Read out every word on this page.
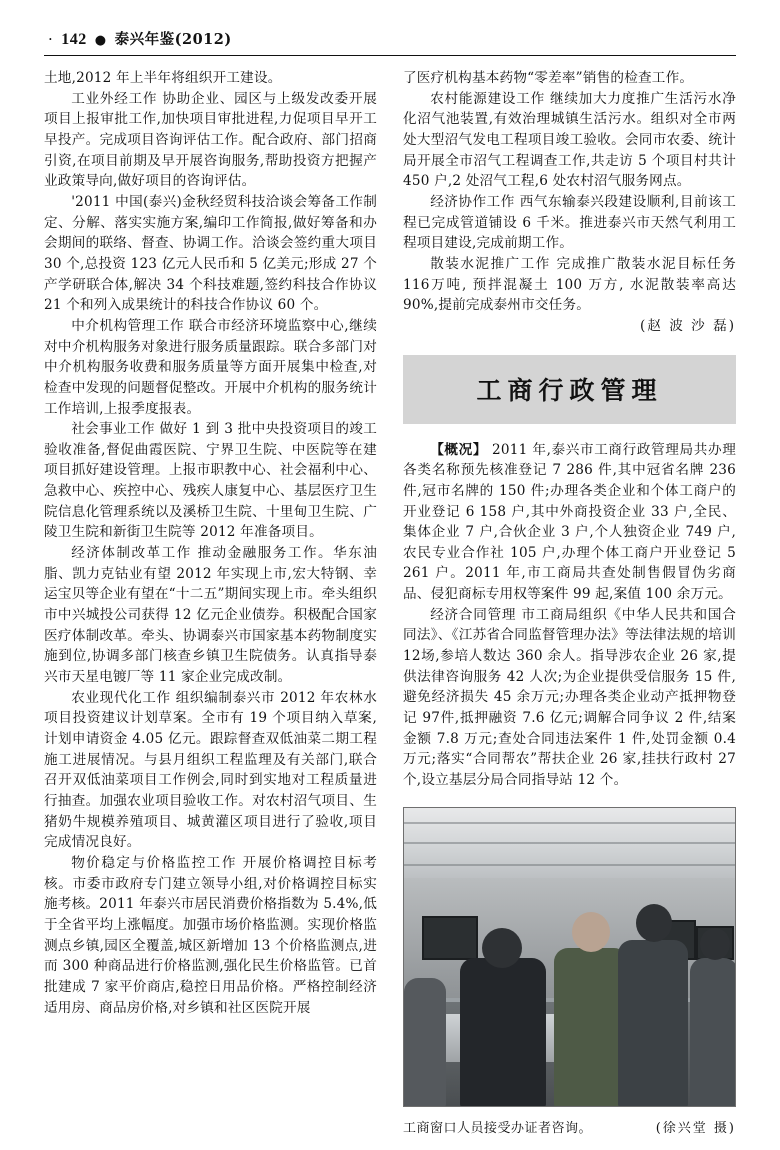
· 142 ● 泰兴年鉴(2012)

土地,2012 年上半年将组织开工建设。

工业外经工作 协助企业、园区与上级发改委开展项目上报审批工作,加快项目审批进程,力促项目早开工早投产。完成项目咨询评估工作。配合政府、部门招商引资,在项目前期及早开展咨询服务,帮助投资方把握产业政策导向,做好项目的咨询评估。

'2011 中国(泰兴)金秋经贸科技洽谈会筹备工作制定、分解、落实实施方案,编印工作简报,做好筹备和办会期间的联络、督查、协调工作。洽谈会签约重大项目 30 个,总投资 123 亿元人民币和 5 亿美元;形成 27 个产学研联合体,解决 34 个科技难题,签约科技合作协议 21 个和列入成果统计的科技合作协议 60 个。

中介机构管理工作 联合市经济环境监察中心,继续对中介机构服务对象进行服务质量跟踪。联合多部门对中介机构服务收费和服务质量等方面开展集中检查,对检查中发现的问题督促整改。开展中介机构的服务统计工作培训,上报季度报表。

社会事业工作 做好 1 到 3 批中央投资项目的竣工验收准备,督促曲霞医院、宁界卫生院、中医院等在建项目抓好建设管理。上报市职教中心、社会福利中心、急救中心、疾控中心、残疾人康复中心、基层医疗卫生院信息化管理系统以及溪桥卫生院、十里甸卫生院、广陵卫生院和新街卫生院等 2012 年准备项目。

经济体制改革工作 推动金融服务工作。华东油脂、凯力克钴业有望 2012 年实现上市,宏大特钢、幸运宝贝等企业有望在“十二五”期间实现上市。牵头组织市中兴城投公司获得 12 亿元企业债券。积极配合国家医疗体制改革。牵头、协调泰兴市国家基本药物制度实施到位,协调多部门核查乡镇卫生院债务。认真指导泰兴市天星电镀厂等 11 家企业完成改制。

农业现代化工作 组织编制泰兴市 2012 年农林水项目投资建议计划草案。全市有 19 个项目纳入草案,计划申请资金 4.05 亿元。跟踪督查双低油菜二期工程施工进展情况。与县月组织工程监理及有关部门,联合召开双低油菜项目工作例会,同时到实地对工程质量进行抽查。加强农业项目验收工作。对农村沼气项目、生猪奶牛规模养殖项目、城黄灌区项目进行了验收,项目完成情况良好。

物价稳定与价格监控工作 开展价格调控目标考核。市委市政府专门建立领导小组,对价格调控目标实施考核。2011 年泰兴市居民消费价格指数为 5.4%,低于全省平均上涨幅度。加强市场价格监测。实现价格监测点乡镇,园区全覆盖,城区新增加 13 个价格监测点,进而 300 种商品进行价格监测,强化民生价格监管。已首批建成 7 家平价商店,稳控日用品价格。严格控制经济适用房、商品房价格,对乡镇和社区医院开展

了医疗机构基本药物“零差率”销售的检查工作。

农村能源建设工作 继续加大力度推广生活污水净化沼气池装置,有效治理城镇生活污水。组织对全市两处大型沼气发电工程项目竣工验收。会同市农委、统计局开展全市沼气工程调查工作,共走访 5 个项目村共计 450 户,2 处沼气工程,6 处农村沼气服务网点。

经济协作工作 西气东输泰兴段建设顺利,目前该工程已完成管道铺设 6 千米。推进泰兴市天然气利用工程项目建设,完成前期工作。

散装水泥推广工作 完成推广散装水泥目标任务 116万吨, 预拌混凝土 100 万方, 水泥散装率高达 90%,提前完成泰州市交任务。

(赵 波 沙 磊)

工商行政管理

【概况】 2011 年,泰兴市工商行政管理局共办理各类名称预先核准登记 7 286 件,其中冠省名牌 236 件,冠市名牌的 150 件;办理各类企业和个体工商户的开业登记 6 158 户,其中外商投资企业 33 户,全民、集体企业 7 户,合伙企业 3 户,个人独资企业 749 户,农民专业合作社 105 户,办理个体工商户开业登记 5 261 户。2011 年,市工商局共查处制售假冒伪劣商品、侵犯商标专用权等案件 99 起,案值 100 余万元。

经济合同管理 市工商局组织《中华人民共和国合同法》、《江苏省合同监督管理办法》等法律法规的培训 12场,参培人数达 360 余人。指导涉农企业 26 家,提供法律咨询服务 42 人次;为企业提供受信服务 15 件,避免经济损失 45 余万元;办理各类企业动产抵押物登记 97件,抵押融资 7.6 亿元;调解合同争议 2 件,结案金额 7.8 万元;查处合同违法案件 1 件,处罚金额 0.4 万元;落实“合同帮农”帮扶企业 26 家,挂扶行政村 27 个,设立基层分局合同指导站 12 个。

工商窗口人员接受办证者咨询。	(徐兴堂 摄)
